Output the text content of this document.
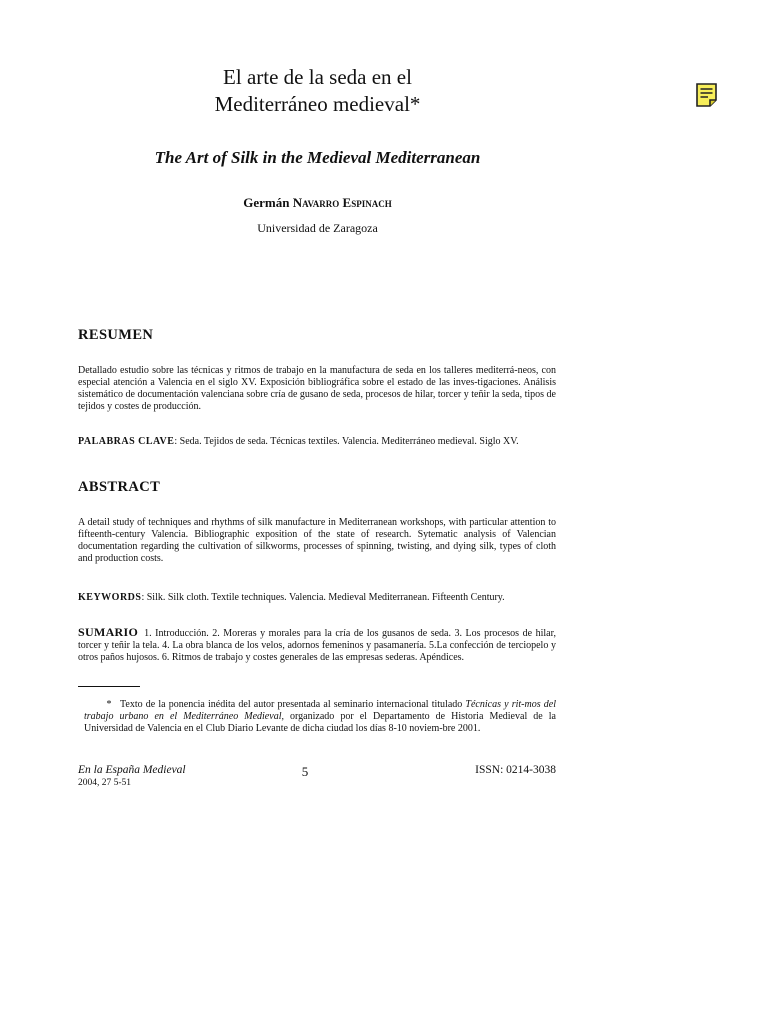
El arte de la seda en el
Mediterráneo medieval*
The Art of Silk in the Medieval Mediterranean
Germán Navarro Espinach
Universidad de Zaragoza
RESUMEN

Detallado estudio sobre las técnicas y ritmos de trabajo en la manufactura de seda en los talleres mediterrá-neos, con especial atención a Valencia en el siglo XV. Exposición bibliográfica sobre el estado de las inves-tigaciones. Análisis sistemático de documentación valenciana sobre cría de gusano de seda, procesos de hilar, torcer y teñir la seda, tipos de tejidos y costes de producción.

PALABRAS CLAVE: Seda. Tejidos de seda. Técnicas textiles. Valencia. Mediterráneo medieval. Siglo XV.

ABSTRACT

A detail study of techniques and rhythms of silk manufacture in Mediterranean workshops, with particular attention to fifteenth-century Valencia. Bibliographic exposition of the state of research. Sytematic analysis of Valencian documentation regarding the cultivation of silkworms, processes of spinning, twisting, and dying silk, types of cloth and production costs.

KEYWORDS: Silk. Silk cloth. Textile techniques. Valencia. Medieval Mediterranean. Fifteenth Century.

SUMARIO 1. Introducción. 2. Moreras y morales para la cría de los gusanos de seda. 3. Los procesos de hilar, torcer y teñir la tela. 4. La obra blanca de los velos, adornos femeninos y pasamanería. 5.La confección de terciopelo y otros paños hujosos. 6. Ritmos de trabajo y costes generales de las empresas sederas. Apéndices.

* Texto de la ponencia inédita del autor presentada al seminario internacional titulado Técnicas y rit-mos del trabajo urbano en el Mediterráneo Medieval, organizado por el Departamento de Historia Medieval de la Universidad de Valencia en el Club Diario Levante de dicha ciudad los días 8-10 noviem-bre 2001.

En la España Medieval
2004, 27 5-51
5	ISSN: 0214-3038
